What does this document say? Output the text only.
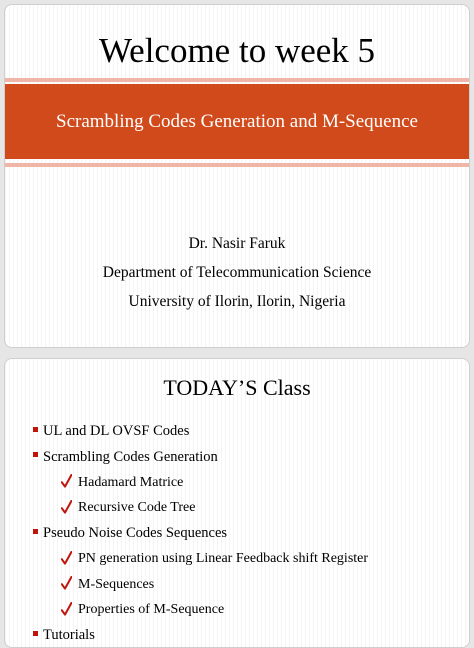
Welcome to week 5
Scrambling Codes Generation and M-Sequence
Dr. Nasir Faruk
Department of Telecommunication Science
University of Ilorin, Ilorin, Nigeria
TODAY’S Class
UL and DL OVSF Codes
Scrambling Codes Generation
Hadamard Matrice
Recursive Code Tree
Pseudo Noise Codes Sequences
PN generation using Linear Feedback shift Register
M-Sequences
Properties of M-Sequence
Tutorials
